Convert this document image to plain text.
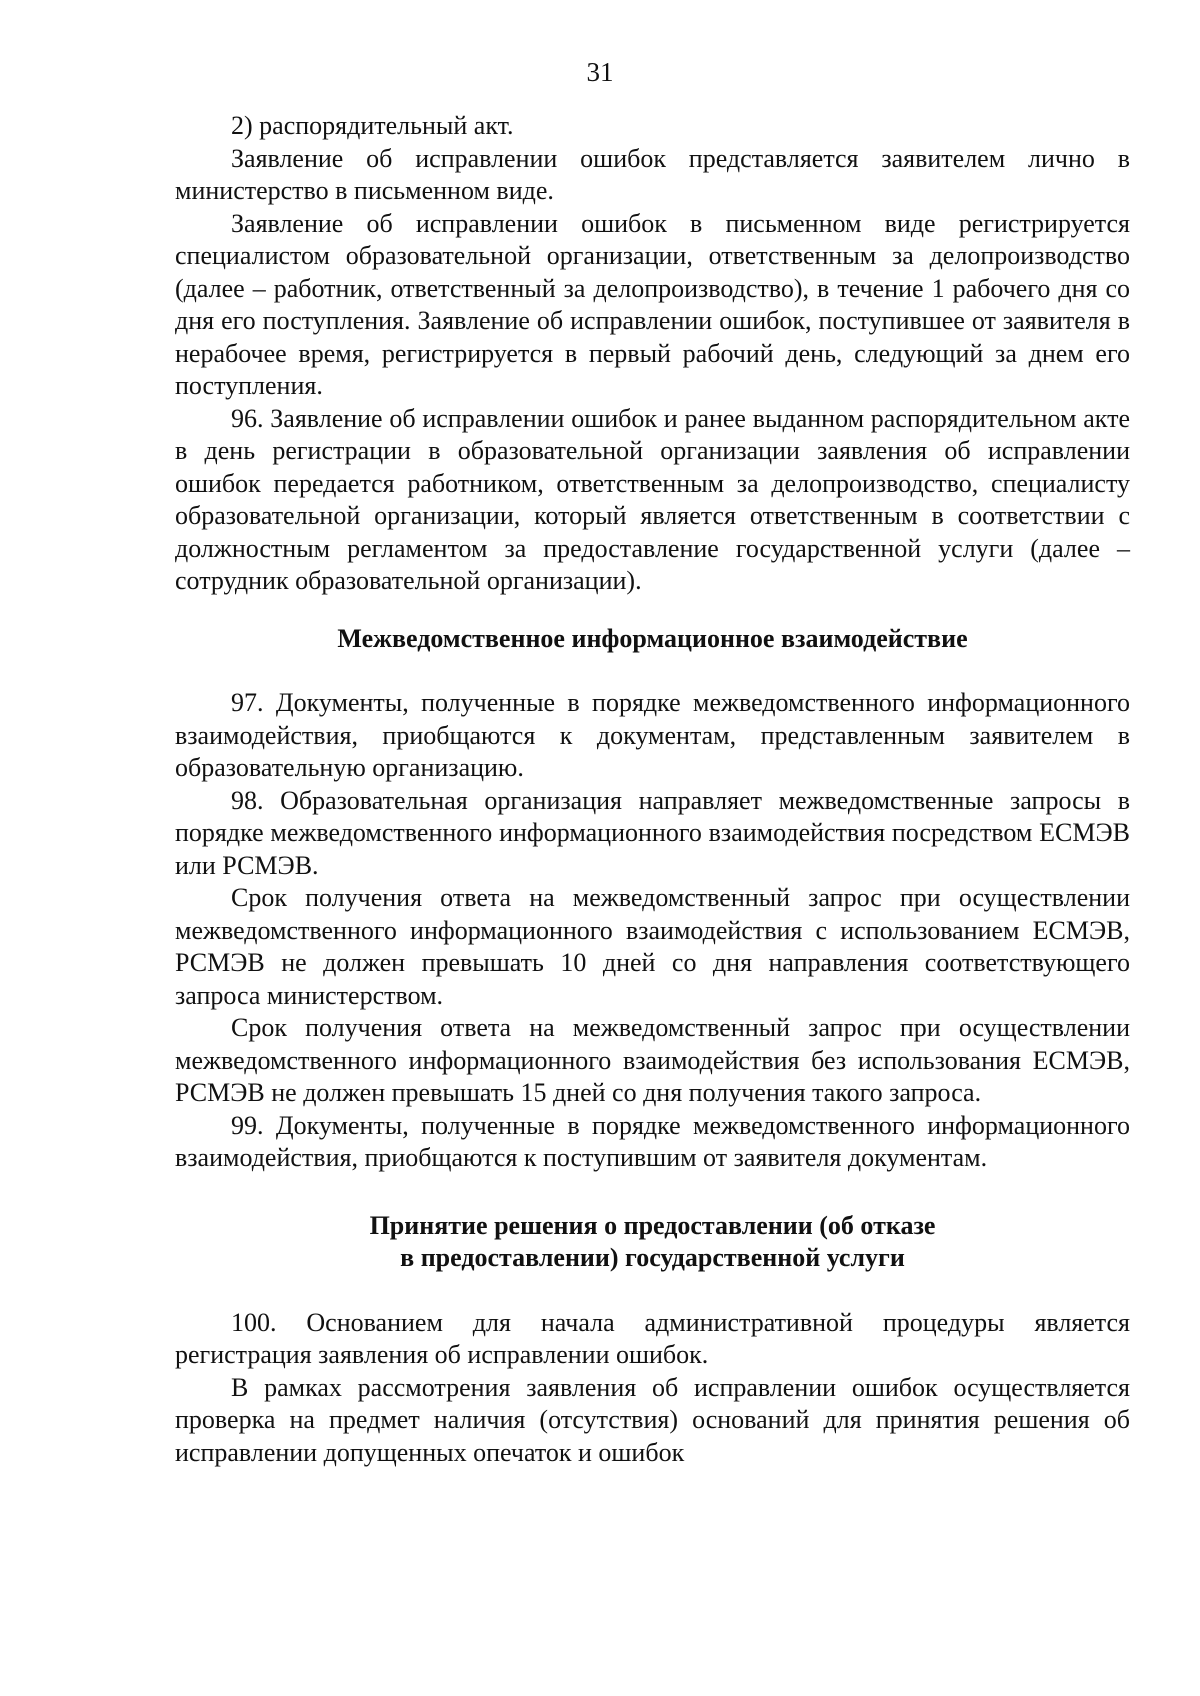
31

2) распорядительный акт.

Заявление об исправлении ошибок представляется заявителем лично в министерство в письменном виде.

Заявление об исправлении ошибок в письменном виде регистрируется специалистом образовательной организации, ответственным за делопроизводство (далее – работник, ответственный за делопроизводство), в течение 1 рабочего дня со дня его поступления. Заявление об исправлении ошибок, поступившее от заявителя в нерабочее время, регистрируется в первый рабочий день, следующий за днем его поступления.

96. Заявление об исправлении ошибок и ранее выданном распорядительном акте в день регистрации в образовательной организации заявления об исправлении ошибок передается работником, ответственным за делопроизводство, специалисту образовательной организации, который является ответственным в соответствии с должностным регламентом за предоставление государственной услуги (далее – сотрудник образовательной организации).

Межведомственное информационное взаимодействие

97. Документы, полученные в порядке межведомственного информационного взаимодействия, приобщаются к документам, представленным заявителем в образовательную организацию.

98. Образовательная организация направляет межведомственные запросы в порядке межведомственного информационного взаимодействия посредством ЕСМЭВ или РСМЭВ.

Срок получения ответа на межведомственный запрос при осуществлении межведомственного информационного взаимодействия с использованием ЕСМЭВ, РСМЭВ не должен превышать 10 дней со дня направления соответствующего запроса министерством.

Срок получения ответа на межведомственный запрос при осуществлении межведомственного информационного взаимодействия без использования ЕСМЭВ, РСМЭВ не должен превышать 15 дней со дня получения такого запроса.

99. Документы, полученные в порядке межведомственного информационного взаимодействия, приобщаются к поступившим от заявителя документам.

Принятие решения о предоставлении (об отказе
в предоставлении) государственной услуги

100. Основанием для начала административной процедуры является регистрация заявления об исправлении ошибок.

В рамках рассмотрения заявления об исправлении ошибок осуществляется проверка на предмет наличия (отсутствия) оснований для принятия решения об исправлении допущенных опечаток и ошибок
